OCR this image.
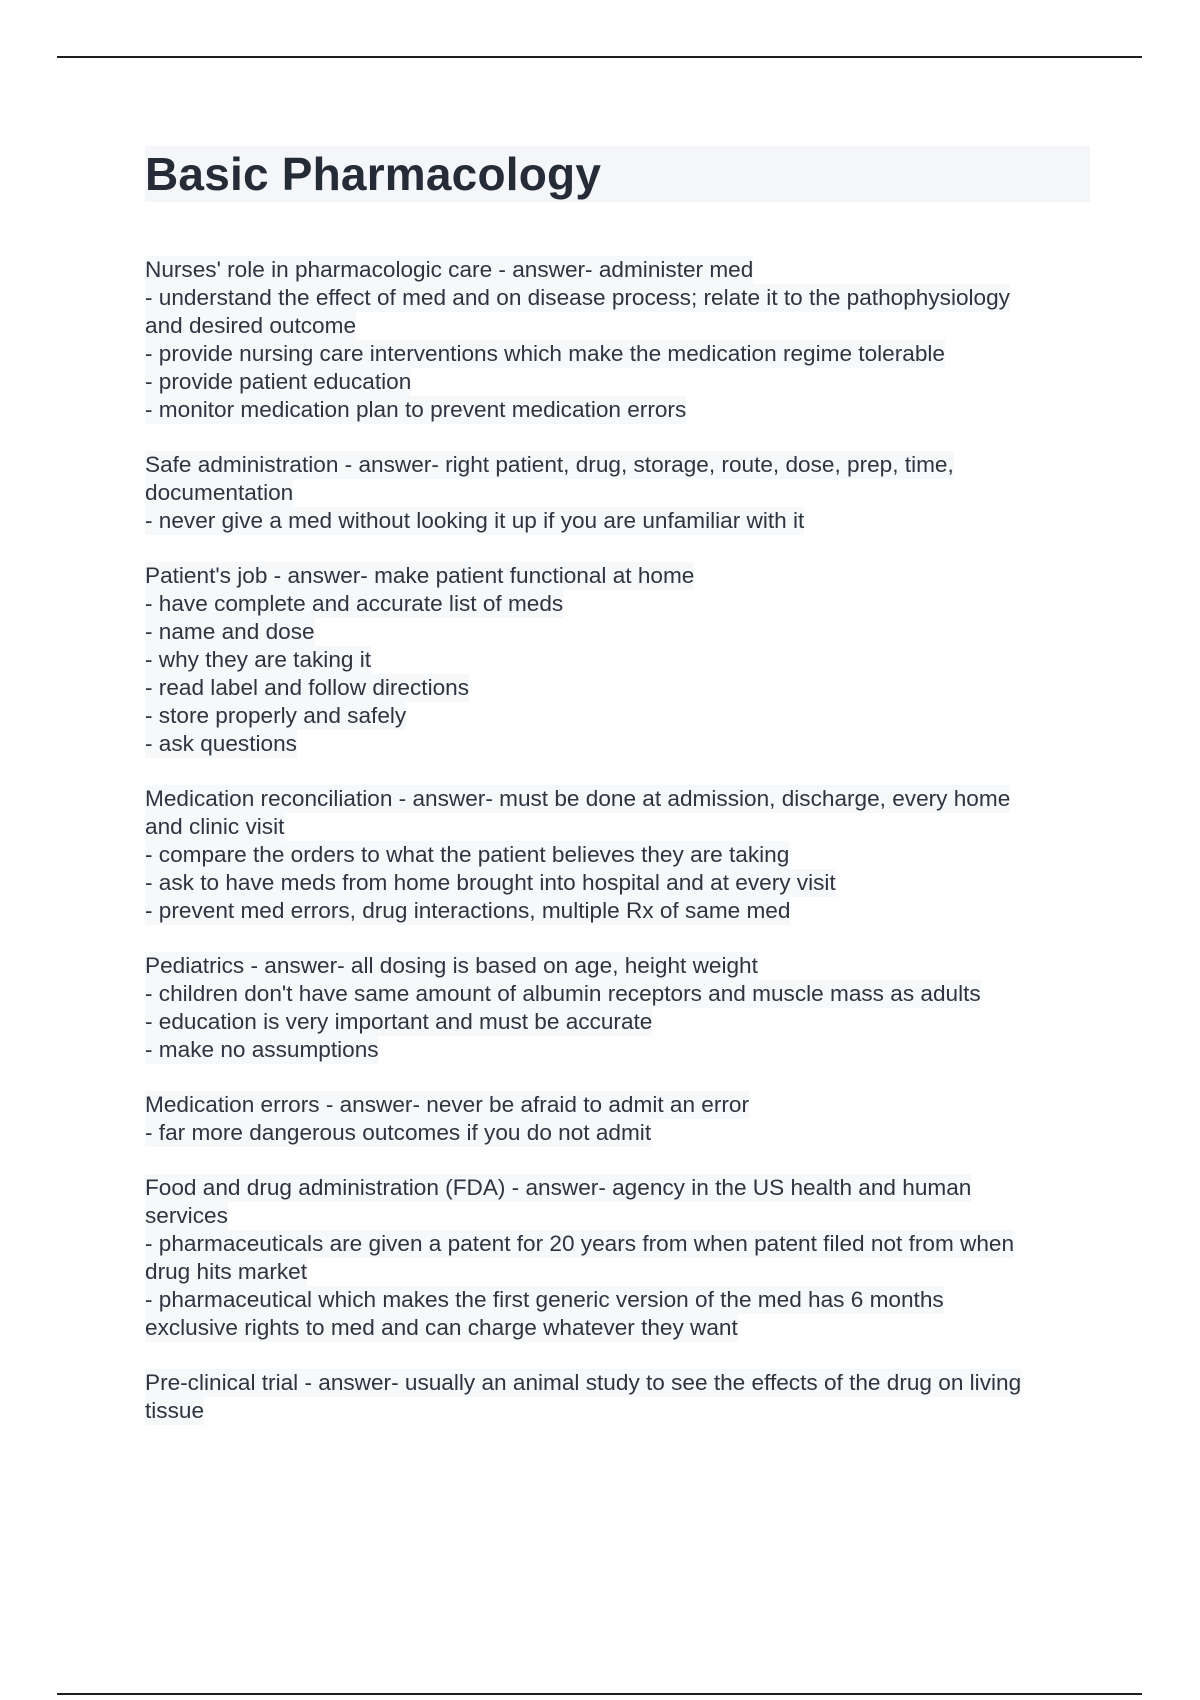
Basic Pharmacology
Nurses' role in pharmacologic care - answer- administer med
- understand the effect of med and on disease process; relate it to the pathophysiology
and desired outcome
- provide nursing care interventions which make the medication regime tolerable
- provide patient education
- monitor medication plan to prevent medication errors
Safe administration - answer- right patient, drug, storage, route, dose, prep, time,
documentation
- never give a med without looking it up if you are unfamiliar with it
Patient's job - answer- make patient functional at home
- have complete and accurate list of meds
- name and dose
- why they are taking it
- read label and follow directions
- store properly and safely
- ask questions
Medication reconciliation - answer- must be done at admission, discharge, every home
and clinic visit
- compare the orders to what the patient believes they are taking
- ask to have meds from home brought into hospital and at every visit
- prevent med errors, drug interactions, multiple Rx of same med
Pediatrics - answer- all dosing is based on age, height weight
- children don't have same amount of albumin receptors and muscle mass as adults
- education is very important and must be accurate
- make no assumptions
Medication errors - answer- never be afraid to admit an error
- far more dangerous outcomes if you do not admit
Food and drug administration (FDA) - answer- agency in the US health and human
services
- pharmaceuticals are given a patent for 20 years from when patent filed not from when
drug hits market
- pharmaceutical which makes the first generic version of the med has 6 months
exclusive rights to med and can charge whatever they want
Pre-clinical trial - answer- usually an animal study to see the effects of the drug on living
tissue
